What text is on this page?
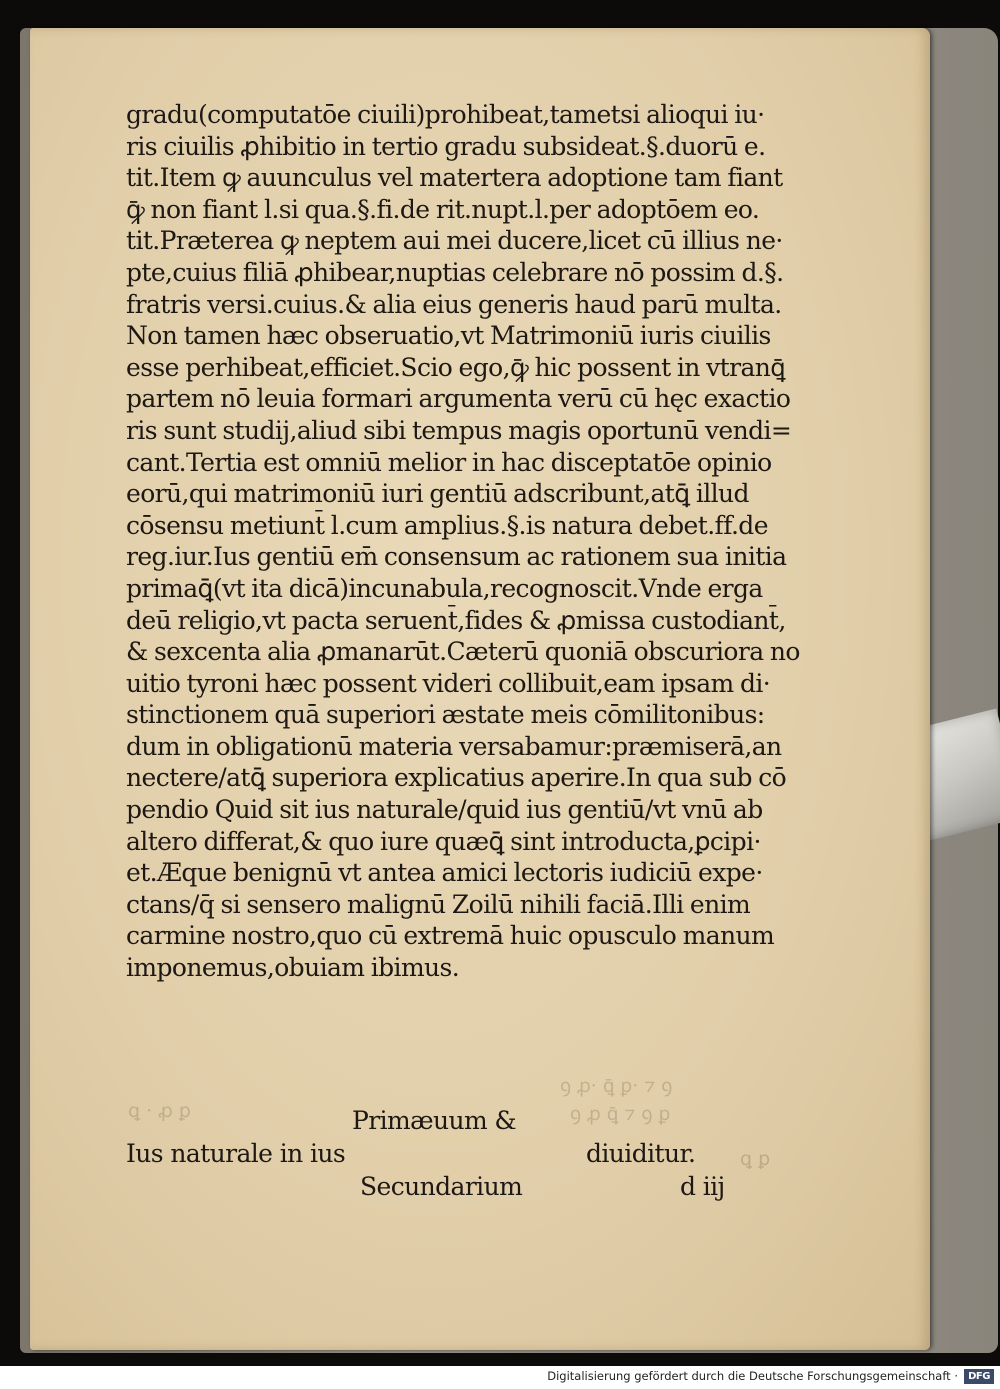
gradu(computatōe ciuili)prohibeat,tametsi alioqui iu·
ris ciuilis ꝓhibitio in tertio gradu subsideat.§.duorū e.
tit.Item ꝙ auunculus vel matertera adoptione tam fiant
ꝙ̄ non fiant l.si qua.§.fi.de rit.nupt.l.per adoptōem eo.
tit.Præterea ꝙ neptem aui mei ducere,licet cū illius ne·
pte,cuius filiā ꝓhibear,nuptias celebrare nō possim d.§.
fratris versi.cuius.& alia eius generis haud parū multa.
Non tamen hæc obseruatio,vt Matrimoniū iuris ciuilis
esse perhibeat,efficiet.Scio ego,ꝙ̄ hic possent in vtranꝗ̄
partem nō leuia formari argumenta verū cū hęc exactio
ris sunt studij,aliud sibi tempus magis oportunū vendi=
cant.Tertia est omniū melior in hac disceptatōe opinio
eorū,qui matrimoniū iuri gentiū adscribunt,atꝗ̄ illud
cōsensu metiunt̄ l.cum amplius.§.is natura debet.ff.de
reg.iur.Ius gentiū em̄ consensum ac rationem sua initia
primaꝗ̄(vt ita dicā)incunabula,recognoscit.Vnde erga
deū religio,vt pacta seruent̄,fides & ꝓmissa custodiant̄,
& sexcenta alia ꝓmanarūt.Cæterū quoniā obscuriora no
uitio tyroni hæc possent videri collibuit,eam ipsam di·
stinctionem quā superiori æstate meis cōmilitonibus:
dum in obligationū materia versabamur:præmiserā,an
nectere/atꝗ̄ superiora explicatius aperire.In qua sub cō
pendio Quid sit ius naturale/quid ius gentiū/vt vnū ab
altero differat,& quo iure quæꝗ̄ sint introducta,ꝑcipi·
et.Æque benignū vt antea amici lectoris iudiciū expe·
ctans/q̄ si sensero malignū Zoilū nihili faciā.Illi enim
carmine nostro,quo cū extremā huic opusculo manum
imponemus,obuiam ibimus.
ꝯ ꝓ· ꝗ̄ ꝑ· ⁊ ꝯ
ꝗ · ꝓ ꝑ	ꝯ ꝓ ꝗ̄ ⁊ ꝯ ꝑ
ꝗ ꝑ
Primæuum &
Ius naturale in ius	diuiditur.
Secundarium	d iij
Digitalisierung gefördert durch die Deutsche Forschungsgemeinschaft ·	DFG
